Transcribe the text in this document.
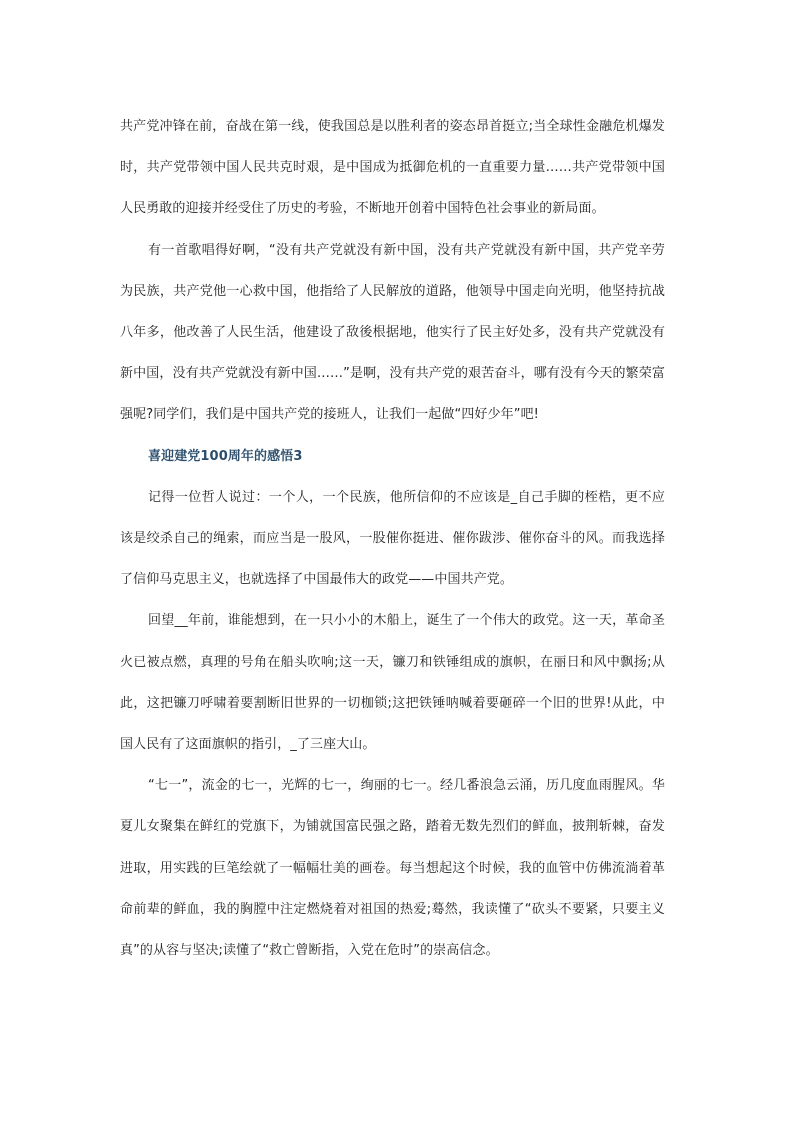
共产党冲锋在前，奋战在第一线，使我国总是以胜利者的姿态昂首挺立;当全球性金融危机爆发时，共产党带领中国人民共克时艰，是中国成为抵御危机的一直重要力量……共产党带领中国人民勇敢的迎接并经受住了历史的考验，不断地开创着中国特色社会事业的新局面。

有一首歌唱得好啊，“没有共产党就没有新中国，没有共产党就没有新中国，共产党辛劳为民族，共产党他一心救中国，他指给了人民解放的道路，他领导中国走向光明，他坚持抗战八年多，他改善了人民生活，他建设了敌後根据地，他实行了民主好处多，没有共产党就没有新中国，没有共产党就没有新中国……”是啊，没有共产党的艰苦奋斗，哪有没有今天的繁荣富强呢?同学们，我们是中国共产党的接班人，让我们一起做“四好少年”吧!

喜迎建党100周年的感悟3

记得一位哲人说过：一个人，一个民族，他所信仰的不应该是_自己手脚的桎梏，更不应该是绞杀自己的绳索，而应当是一股风，一股催你挺进、催你跋涉、催你奋斗的风。而我选择了信仰马克思主义，也就选择了中国最伟大的政党——中国共产党。

回望__年前，谁能想到，在一只小小的木船上，诞生了一个伟大的政党。这一天，革命圣火已被点燃，真理的号角在船头吹响;这一天，镰刀和铁锤组成的旗帜，在丽日和风中飘扬;从此，这把镰刀呼啸着要割断旧世界的一切枷锁;这把铁锤呐喊着要砸碎一个旧的世界!从此，中国人民有了这面旗帜的指引，_了三座大山。

“七一”，流金的七一，光辉的七一，绚丽的七一。经几番浪急云涌，历几度血雨腥风。华夏儿女聚集在鲜红的党旗下，为铺就国富民强之路，踏着无数先烈们的鲜血，披荆斩棘，奋发进取，用实践的巨笔绘就了一幅幅壮美的画卷。每当想起这个时候，我的血管中仿佛流淌着革命前辈的鲜血，我的胸膛中注定燃烧着对祖国的热爱;蓦然，我读懂了“砍头不要紧，只要主义真”的从容与坚决;读懂了“救亡曾断指，入党在危时”的崇高信念。
